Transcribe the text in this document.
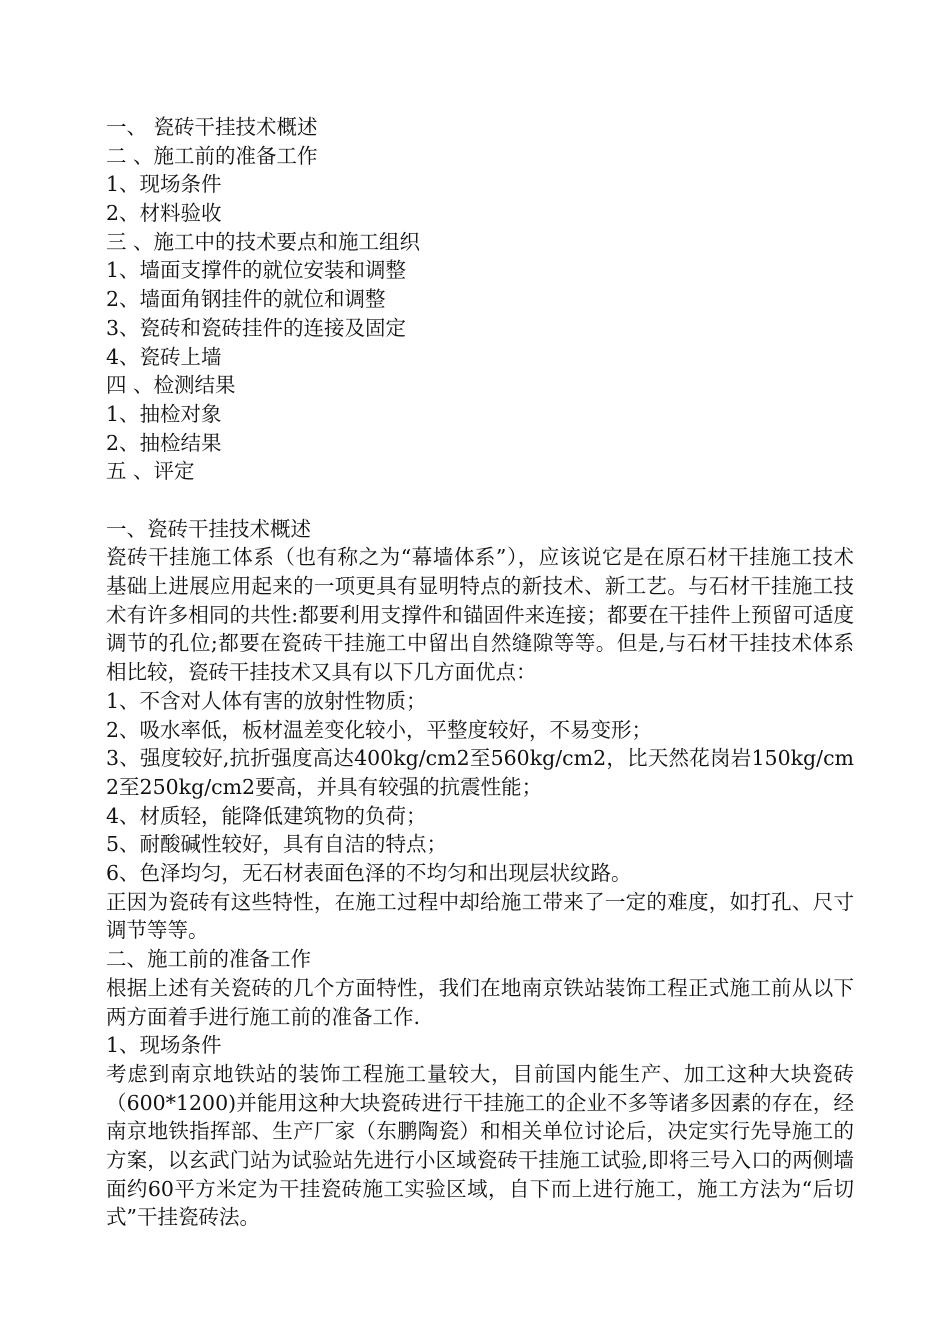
一、 瓷砖干挂技术概述
二 、施工前的准备工作
1、现场条件
2、材料验收
三 、施工中的技术要点和施工组织
1、墙面支撑件的就位安装和调整
2、墙面角钢挂件的就位和调整
3、瓷砖和瓷砖挂件的连接及固定
4、瓷砖上墙
四 、检测结果
1、抽检对象
2、抽检结果
五 、评定
一、瓷砖干挂技术概述
瓷砖干挂施工体系（也有称之为“幕墙体系”），应该说它是在原石材干挂施工技术基础上进展应用起来的一项更具有显明特点的新技术、新工艺。与石材干挂施工技术有许多相同的共性:都要利用支撑件和锚固件来连接；都要在干挂件上预留可适度调节的孔位;都要在瓷砖干挂施工中留出自然缝隙等等。但是,与石材干挂技术体系相比较，瓷砖干挂技术又具有以下几方面优点：
1、不含对人体有害的放射性物质；
2、吸水率低，板材温差变化较小，平整度较好，不易变形；
3、强度较好,抗折强度高达400kg/cm2至560kg/cm2，比天然花岗岩150kg/cm2至250kg/cm2要高，并具有较强的抗震性能；
4、材质轻，能降低建筑物的负荷；
5、耐酸碱性较好，具有自洁的特点；
6、色泽均匀，无石材表面色泽的不均匀和出现层状纹路。
正因为瓷砖有这些特性，在施工过程中却给施工带来了一定的难度，如打孔、尺寸调节等等。
二、施工前的准备工作
根据上述有关瓷砖的几个方面特性，我们在地南京铁站装饰工程正式施工前从以下两方面着手进行施工前的准备工作.
1、现场条件
考虑到南京地铁站的装饰工程施工量较大，目前国内能生产、加工这种大块瓷砖（600*1200)并能用这种大块瓷砖进行干挂施工的企业不多等诸多因素的存在，经南京地铁指挥部、生产厂家（东鹏陶瓷）和相关单位讨论后，决定实行先导施工的方案，以玄武门站为试验站先进行小区域瓷砖干挂施工试验,即将三号入口的两侧墙面约60平方米定为干挂瓷砖施工实验区域，自下而上进行施工，施工方法为“后切式”干挂瓷砖法。
